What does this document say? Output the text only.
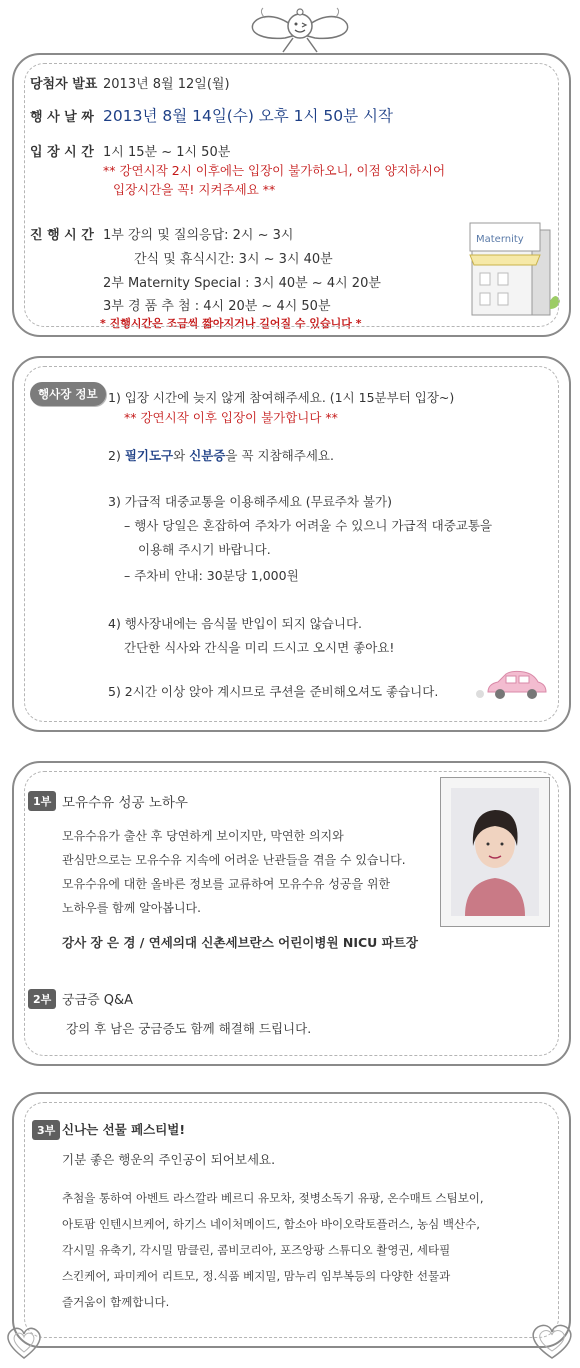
당첨자 발표 2013년 8월 12일(월)
행 사 날 짜 2013년 8월 14일(수) 오후 1시 50분 시작
입 장 시 간 1시 15분 ~ 1시 50분
** 강연시작 2시 이후에는 입장이 불가하오니, 이점 양지하시어
입장시간을 꼭! 지켜주세요 **
진 행 시 간 1부 강의 및 질의응답: 2시 ~ 3시
간식 및 휴식시간: 3시 ~ 3시 40분
2부 Maternity Special : 3시 40분 ~ 4시 20분
3부 경 품 추 첨 : 4시 20분 ~ 4시 50분
* 진행시간은 조금씩 짧아지거나 길어질 수 있습니다 *
Maternity
행사장 정보 1) 입장 시간에 늦지 않게 참여해주세요. (1시 15분부터 입장~)
** 강연시작 이후 입장이 불가합니다 **
2) 필기도구와 신분증을 꼭 지참해주세요.
3) 가급적 대중교통을 이용해주세요 (무료주차 불가)
– 행사 당일은 혼잡하여 주차가 어려울 수 있으니 가급적 대중교통을
이용해 주시기 바랍니다.
– 주차비 안내: 30분당 1,000원
4) 행사장내에는 음식물 반입이 되지 않습니다.
간단한 식사와 간식을 미리 드시고 오시면 좋아요!
5) 2시간 이상 앉아 계시므로 쿠션을 준비해오셔도 좋습니다.
1부 모유수유 성공 노하우
모유수유가 출산 후 당연하게 보이지만, 막연한 의지와
관심만으로는 모유수유 지속에 어려운 난관들을 겪을 수 있습니다.
모유수유에 대한 올바른 정보를 교류하여 모유수유 성공을 위한
노하우를 함께 알아봅니다.
강사 장 은 경 / 연세의대 신촌세브란스 어린이병원 NICU 파트장
2부 궁금증 Q&A
강의 후 남은 궁금증도 함께 해결해 드립니다.
3부 신나는 선물 페스티벌!
기분 좋은 행운의 주인공이 되어보세요.
추첨을 통하여 아벤트 라스깔라 베르디 유모차, 젖병소독기 유팡, 온수매트 스팀보이,
아토팜 인텐시브케어, 하기스 네이처메이드, 함소아 바이오락토플러스, 농심 백산수,
각시밀 유축기, 각시밀 맘클린, 콤비코리아, 포즈앙팡 스튜디오 촬영권, 세타필
스킨케어, 파미케어 리트모, 정.식품 베지밀, 맘누리 임부복등의 다양한 선물과
즐거움이 함께합니다.
